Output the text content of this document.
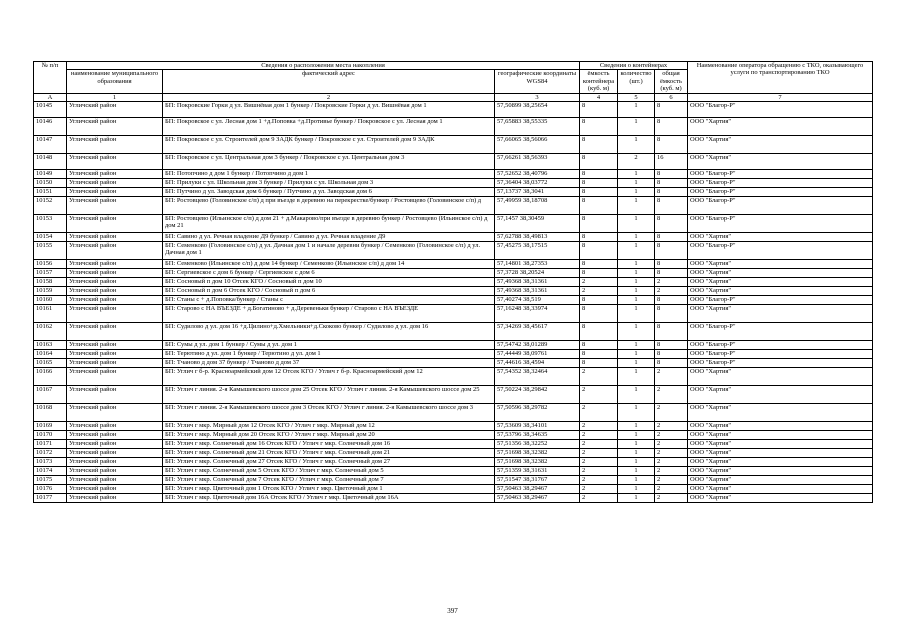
№ п/п	Сведения о расположении места накопления			Сведения о контейнерах			Наименование оператора обращению с ТКО, оказывающего услуги по транспортированию ТКО
	наименование муниципального образования	фактический адрес	географические координаты WGS84	ёмкость контейнера (куб. м)	количество (шт.)	общая ёмкость (куб. м)	
А	1	2	3	4	5	6	7
10145	Угличский район	БП: Покровские Горки д ул. Вишнёвая дом 1 бункер / Покровские Горки д ул. Вишнёвая дом 1	57,50899 38,25654	8	1	8	ООО "Благор-Р"
10146	Угличский район	БП: Покровское с ул. Лесная дом 1 +д.Поповка +д.Противье бункер / Покровское с ул. Лесная дом 1	57,65883 38,55335	8	1	8	ООО "Хартия"
10147	Угличский район	БП: Покровское с ул. Строителей дом 9 ЗАДК бункер / Покровское с ул. Строителей дом 9 ЗАДК	57,66065 38,56066	8	1	8	ООО "Хартия"
10148	Угличский район	БП: Покровское с ул. Центральная дом 3 бункер / Покровское с ул. Центральная дом 3	57,66261 38,56393	8	2	16	ООО "Хартия"
10149	Угличский район	БП: Потопчино д дом 1 бункер / Потопчино д дом 1	57,52652 38,40796	8	1	8	ООО "Благор-Р"
10150	Угличский район	БП: Прилуки с ул. Школьная дом 3 бункер / Прилуки с ул. Школьная дом 3	57,36404 38,03772	8	1	8	ООО "Благор-Р"
10151	Угличский район	БП: Путчино д ул. Заводская дом 6 бункер / Путчино д ул. Заводская дом 6	57,13737 38,3041	8	1	8	ООО "Благор-Р"
10152	Угличский район	БП: Ростовцево (Головинское с/п) д при въезде в деревню на перекрестке/бункер / Ростовцево (Головинское с/п) д	57,49959 38,18708	8	1	8	ООО "Благор-Р"
10153	Угличский район	БП: Ростовцево (Ильинское с/п) д дом 21 + д.Макарово/при въезде в деревню бункер / Ростовцево (Ильинское с/п) д дом 21	57,1457 38,30459	8	1	8	ООО "Благор-Р"
10154	Угличский район	БП: Савино д ул. Речная владение Д9 бункер / Савино д ул. Речная владение Д9	57,62788 38,49813	8	1	8	ООО "Хартия"
10155	Угличский район	БП: Семенково (Головинское с/п) д ул. Дачная дом 1 и начале деревни бункер / Семенково (Головинское с/п) д ул. Дачная дом 1	57,45275 38,17515	8	1	8	ООО "Благор-Р"
10156	Угличский район	БП: Семенково (Ильинское с/п) д дом 14 бункер / Семенково (Ильинское с/п) д дом 14	57,14801 38,27353	8	1	8	ООО "Хартия"
10157	Угличский район	БП: Сергиевское с дом 6 бункер / Сергиевское с дом 6	57,3728 38,20524	8	1	8	ООО "Хартия"
10158	Угличский район	БП: Сосновый п дом 10 Отсек КГО / Сосновый п дом 10	57,49368 38,31361	2	1	2	ООО "Хартия"
10159	Угличский район	БП: Сосновый п дом 6 Отсек КГО / Сосновый п дом 6	57,49368 38,31361	2	1	2	ООО "Хартия"
10160	Угличский район	БП: Станы с + д.Поповка/бункер / Станы с	57,40274 38,519	8	1	8	ООО "Благор-Р"
10161	Угличский район	БП: Старово с НА ВЪЕЗДЕ + д.Богатиново + д.Деревеньки бункер / Старово с НА ВЪЕЗДЕ	57,16248 38,33974	8	1	8	ООО "Хартия"
10162	Угличский район	БП: Судилово д ул. дом 16 +д.Цилино+д.Хмельники+д.Скоково бункер / Судилово д ул. дом 16	57,34269 38,45617	8	1	8	ООО "Благор-Р"
10163	Угличский район	БП: Сумы д ул. дом 1 бункер / Сумы д ул. дом 1	57,54742 38,01289	8	1	8	ООО "Благор-Р"
10164	Угличский район	БП: Терютино д ул. дом 1 бункер / Терютино д ул. дом 1	57,44449 38,09761	8	1	8	ООО "Благор-Р"
10165	Угличский район	БП: Тчаново д дом 37 бункер / Тчаново д дом 37	57,44616 38,4594	8	1	8	ООО "Благор-Р"
10166	Угличский район	БП: Углич г б-р. Красноармейский дом 12 Отсек КГО / Углич г б-р. Красноармейский дом 12	57,54352 38,32464	2	1	2	ООО "Хартия"
10167	Угличский район	БП: Углич г линия. 2-я Камышевского шоссе дом 25 Отсек КГО / Углич г линия. 2-я Камышевского шоссе дом 25	57,50224 38,29842	2	1	2	ООО "Хартия"
10168	Угличский район	БП: Углич г линия. 2-я Камышевского шоссе дом 3 Отсек КГО / Углич г линия. 2-я Камышевского шоссе дом 3	57,50596 38,29782	2	1	2	ООО "Хартия"
10169	Угличский район	БП: Углич г мкр. Мирный дом 12 Отсек КГО / Углич г мкр. Мирный дом 12	57,53609 38,34101	2	1	2	ООО "Хартия"
10170	Угличский район	БП: Углич г мкр. Мирный дом 20 Отсек КГО / Углич г мкр. Мирный дом 20	57,53796 38,34635	2	1	2	ООО "Хартия"
10171	Угличский район	БП: Углич г мкр. Солнечный дом 16 Отсек КГО / Углич г мкр. Солнечный дом 16	57,51356 38,32252	2	1	2	ООО "Хартия"
10172	Угличский район	БП: Углич г мкр. Солнечный дом 21 Отсек КГО / Углич г мкр. Солнечный дом 21	57,51698 38,32382	2	1	2	ООО "Хартия"
10173	Угличский район	БП: Углич г мкр. Солнечный дом 27 Отсек КГО / Углич г мкр. Солнечный дом 27	57,51698 38,32382	2	1	2	ООО "Хартия"
10174	Угличский район	БП: Углич г мкр. Солнечный дом 5 Отсек КГО / Углич г мкр. Солнечный дом 5	57,51359 38,31631	2	1	2	ООО "Хартия"
10175	Угличский район	БП: Углич г мкр. Солнечный дом 7 Отсек КГО / Углич г мкр. Солнечный дом 7	57,51547 38,31767	2	1	2	ООО "Хартия"
10176	Угличский район	БП: Углич г мкр. Цветочный дом 1 Отсек КГО / Углич г мкр. Цветочный дом 1	57,50463 38,29467	2	1	2	ООО "Хартия"
10177	Угличский район	БП: Углич г мкр. Цветочный дом 16А Отсек КГО / Углич г мкр. Цветочный дом 16А	57,50463 38,29467	2	1	2	ООО "Хартия"
397
